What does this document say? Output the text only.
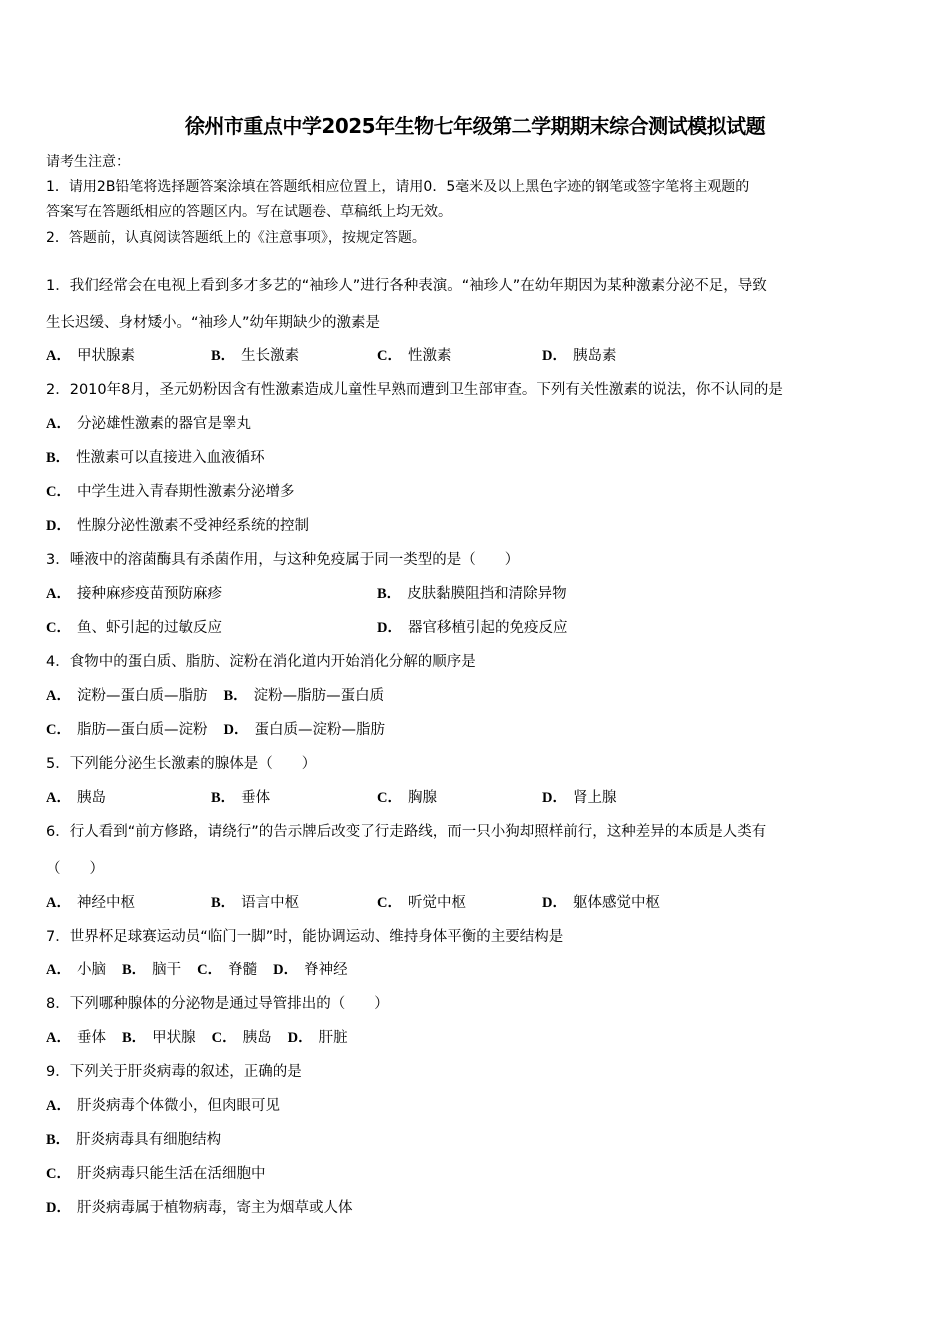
徐州市重点中学2025年生物七年级第二学期期末综合测试模拟试题
请考生注意：
1．请用2B铅笔将选择题答案涂填在答题纸相应位置上，请用0．5毫米及以上黑色字迹的钢笔或签字笔将主观题的
答案写在答题纸相应的答题区内。写在试题卷、草稿纸上均无效。
2．答题前，认真阅读答题纸上的《注意事项》，按规定答题。
1．我们经常会在电视上看到多才多艺的“袖珍人”进行各种表演。“袖珍人”在幼年期因为某种激素分泌不足，导致
生长迟缓、身材矮小。“袖珍人”幼年期缺少的激素是
A． 甲状腺素	B． 生长激素	C． 性激素	D． 胰岛素
2．2010年8月，圣元奶粉因含有性激素造成儿童性早熟而遭到卫生部审查。下列有关性激素的说法，你不认同的是
A． 分泌雄性激素的器官是睾丸
B． 性激素可以直接进入血液循环
C． 中学生进入青春期性激素分泌增多
D． 性腺分泌性激素不受神经系统的控制
3．唾液中的溶菌酶具有杀菌作用，与这种免疫属于同一类型的是（　　）
A． 接种麻疹疫苗预防麻疹	B． 皮肤黏膜阻挡和清除异物
C． 鱼、虾引起的过敏反应	D． 器官移植引起的免疫反应
4．食物中的蛋白质、脂肪、淀粉在消化道内开始消化分解的顺序是
A． 淀粉—蛋白质—脂肪 B． 淀粉—脂肪—蛋白质
C． 脂肪—蛋白质—淀粉 D． 蛋白质—淀粉—脂肪
5．下列能分泌生长激素的腺体是（　　）
A． 胰岛	B． 垂体	C． 胸腺	D． 肾上腺
6．行人看到“前方修路，请绕行”的告示牌后改变了行走路线，而一只小狗却照样前行，这种差异的本质是人类有
（　　）
A． 神经中枢	B． 语言中枢	C． 听觉中枢	D． 躯体感觉中枢
7．世界杯足球赛运动员“临门一脚”时，能协调运动、维持身体平衡的主要结构是
A． 小脑 B． 脑干 C． 脊髓 D． 脊神经
8．下列哪种腺体的分泌物是通过导管排出的（　　）
A． 垂体 B． 甲状腺 C． 胰岛 D． 肝脏
9．下列关于肝炎病毒的叙述，正确的是
A． 肝炎病毒个体微小，但肉眼可见
B． 肝炎病毒具有细胞结构
C． 肝炎病毒只能生活在活细胞中
D． 肝炎病毒属于植物病毒，寄主为烟草或人体
